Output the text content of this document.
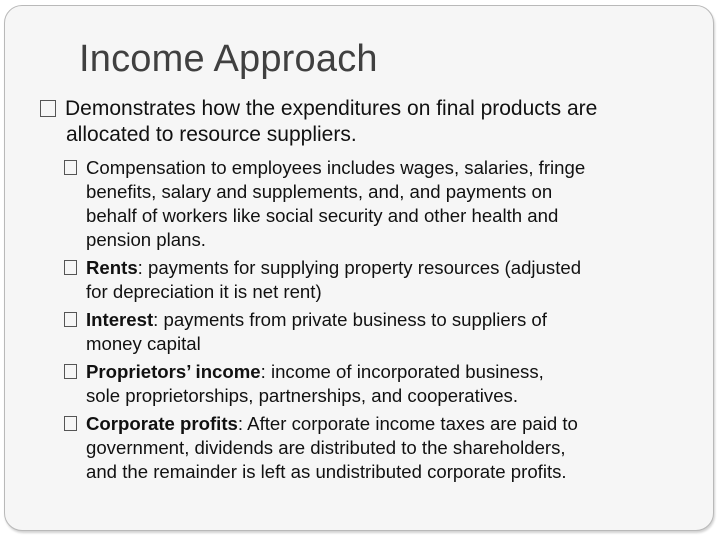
Income Approach
Demonstrates how the expenditures on final products are
allocated to resource suppliers.
Compensation to employees includes wages, salaries, fringe
benefits, salary and supplements, and, and payments on
behalf of workers like social security and other health and
pension plans.
Rents: payments for supplying property resources (adjusted
for depreciation it is net rent)
Interest: payments from private business to suppliers of
money capital
Proprietors’ income: income of incorporated business,
sole proprietorships, partnerships, and cooperatives.
Corporate profits: After corporate income taxes are paid to
government, dividends are distributed to the shareholders,
and the remainder is left as undistributed corporate profits.
